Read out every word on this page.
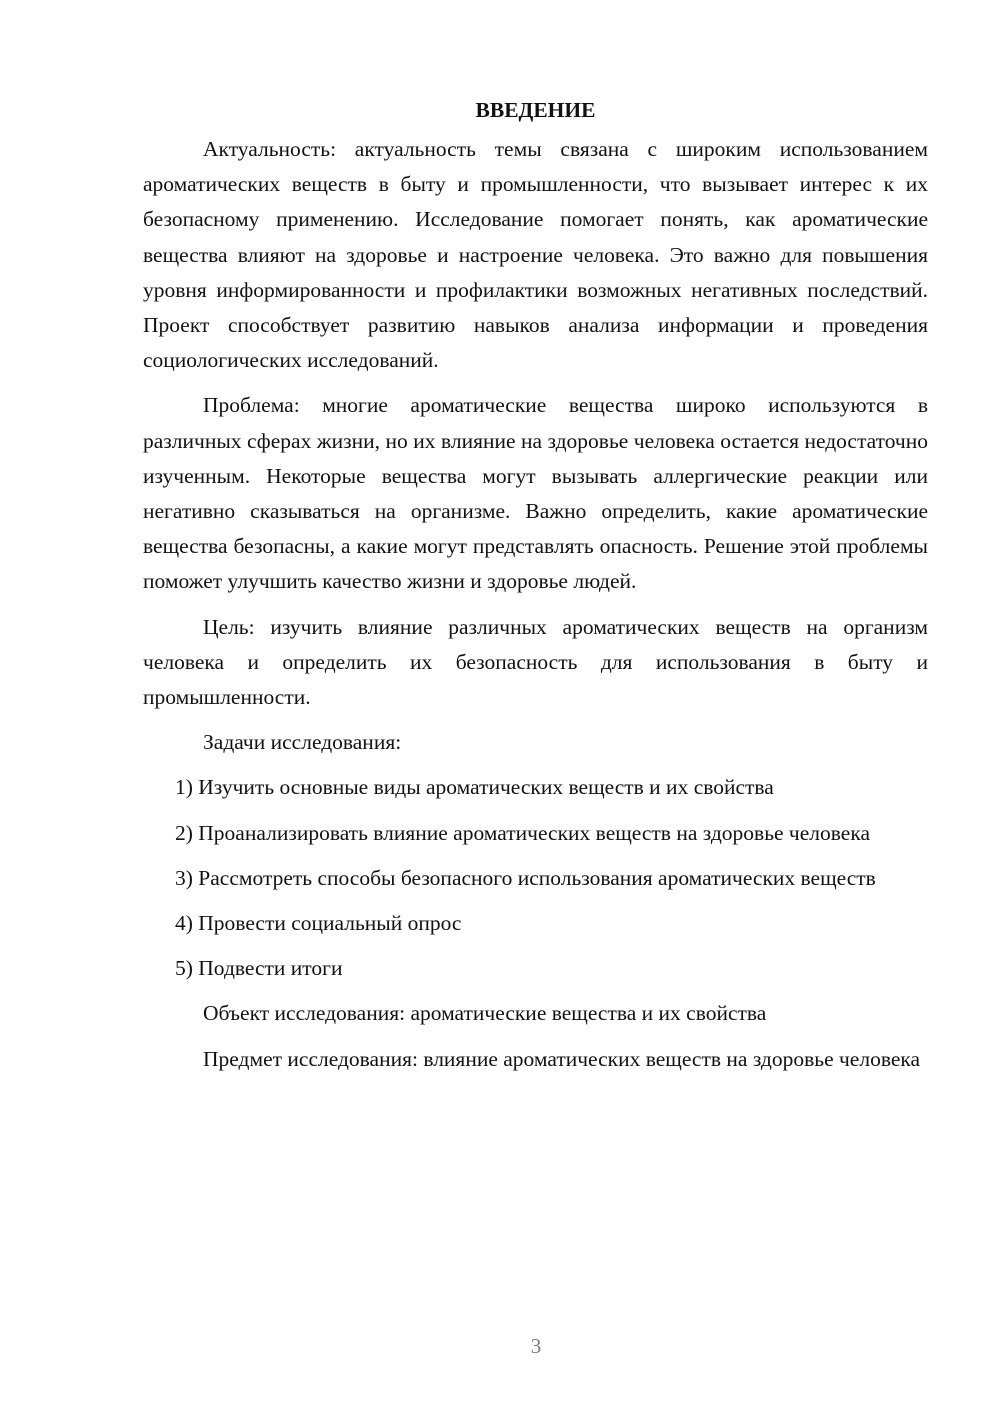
ВВЕДЕНИЕ

Актуальность: актуальность темы связана с широким использованием ароматических веществ в быту и промышленности, что вызывает интерес к их безопасному применению. Исследование помогает понять, как ароматические вещества влияют на здоровье и настроение человека. Это важно для повышения уровня информированности и профилактики возможных негативных последствий. Проект способствует развитию навыков анализа информации и проведения социологических исследований.

Проблема: многие ароматические вещества широко используются в различных сферах жизни, но их влияние на здоровье человека остается недостаточно изученным. Некоторые вещества могут вызывать аллергические реакции или негативно сказываться на организме. Важно определить, какие ароматические вещества безопасны, а какие могут представлять опасность. Решение этой проблемы поможет улучшить качество жизни и здоровье людей.

Цель: изучить влияние различных ароматических веществ на организм человека и определить их безопасность для использования в быту и промышленности.

Задачи исследования:

1) Изучить основные виды ароматических веществ и их свойства

2) Проанализировать влияние ароматических веществ на здоровье человека

3) Рассмотреть способы безопасного использования ароматических веществ

4) Провести социальный опрос

5) Подвести итоги

Объект исследования: ароматические вещества и их свойства

Предмет исследования: влияние ароматических веществ на здоровье человека

3
